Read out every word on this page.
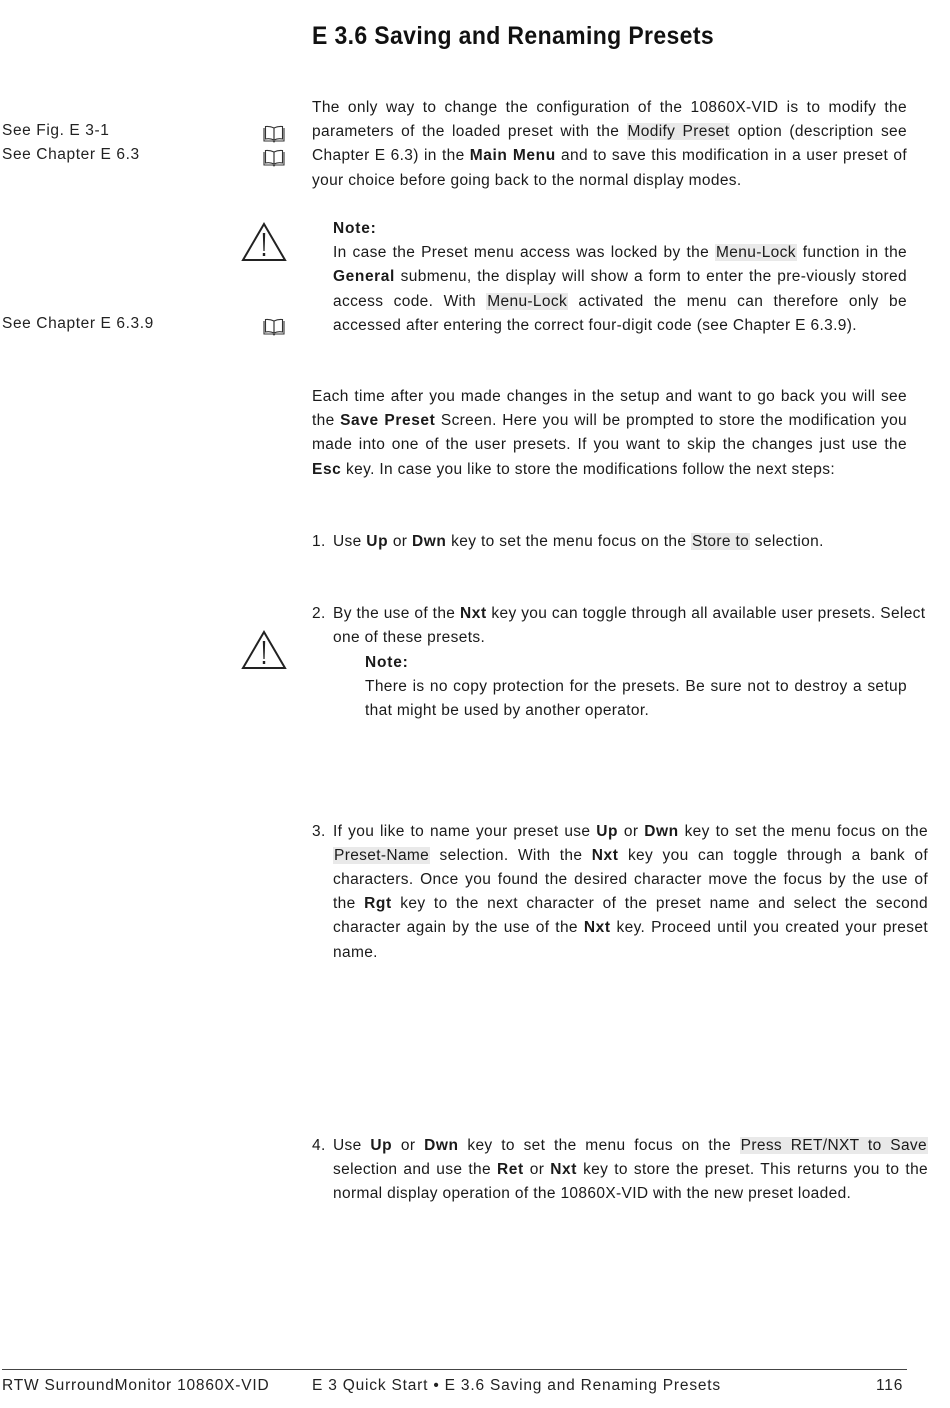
E 3.6 Saving and Renaming Presets
See Fig. E 3-1
See Chapter E 6.3
See Chapter E 6.3.9

The only way to change the configuration of the 10860X-VID is to modify the parameters of the loaded preset with the Modify Preset option (description see Chapter E 6.3) in the Main Menu and to save this modification in a user preset of your choice before going back to the normal display modes.

Note:

In case the Preset menu access was locked by the Menu-Lock function in the General submenu, the display will show a form to enter the pre-viously stored access code. With Menu-Lock activated the menu can therefore only be accessed after entering the correct four-digit code (see Chapter E 6.3.9).

Each time after you made changes in the setup and want to go back you will see the Save Preset Screen. Here you will be prompted to store the modification you made into one of the user presets. If you want to skip the changes just use the Esc key. In case you like to store the modifications follow the next steps:

1. Use Up or Dwn key to set the menu focus on the Store to selection.

2. By the use of the Nxt key you can toggle through all available user presets. Select one of these presets.

Note:

There is no copy protection for the presets. Be sure not to destroy a setup that might be used by another operator.

3. If you like to name your preset use Up or Dwn key to set the menu focus on the Preset-Name selection. With the Nxt key you can toggle through a bank of characters. Once you found the desired character move the focus by the use of the Rgt key to the next character of the preset name and select the second character again by the use of the Nxt key. Proceed until you created your preset name.

4. Use Up or Dwn key to set the menu focus on the Press RET/NXT to Save selection and use the Ret or Nxt key to store the preset. This returns you to the normal display operation of the 10860X-VID with the new preset loaded.

RTW SurroundMonitor 10860X-VID	E 3 Quick Start • E 3.6 Saving and Renaming Presets	116
